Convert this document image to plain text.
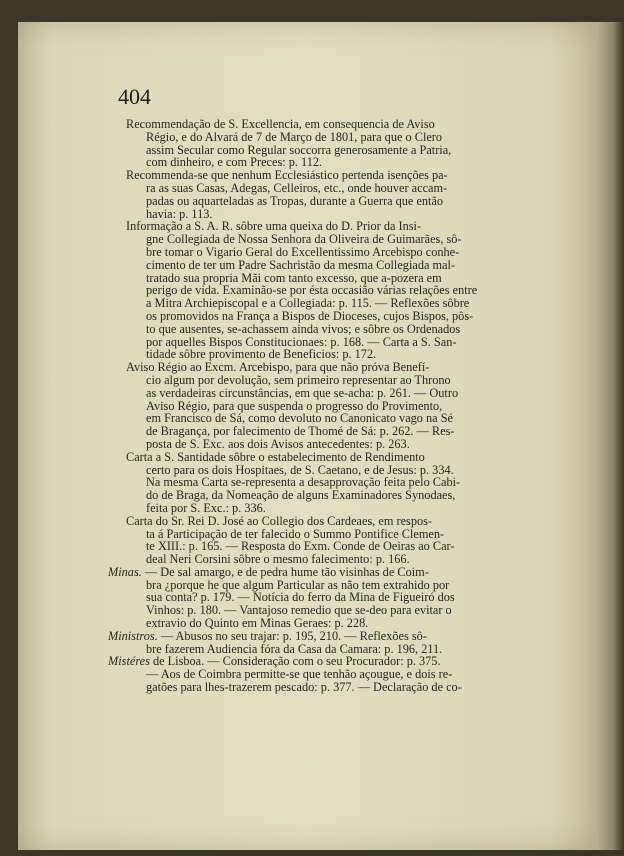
404
Recommendação de S. Excellencia, em consequencia de Aviso
Régio, e do Alvará de 7 de Março de 1801, para que o Clero
assim Secular como Regular soccorra generosamente a Patria,
com dinheiro, e com Preces: p. 112.
Recommenda-se que nenhum Ecclesiástico pertenda isenções pa-
ra as suas Casas, Adegas, Celleiros, etc., onde houver accam-
padas ou aquarteladas as Tropas, durante a Guerra que então
havia: p. 113.
Informação a S. A. R. sôbre uma queixa do D. Prior da Insi-
gne Collegiada de Nossa Senhora da Oliveira de Guimarães, sô-
bre tomar o Vigario Geral do Excellentissimo Arcebispo conhe-
cimento de ter um Padre Sachristão da mesma Collegiada mal-
tratado sua propria Mãi com tanto excesso, que a-pozera em
perigo de vida. Examinão-se por ésta occasião várias relações entre
a Mitra Archiepiscopal e a Collegiada: p. 115. — Reflexões sôbre
os promovidos na França a Bispos de Dioceses, cujos Bispos, pôs-
to que ausentes, se-achassem ainda vivos; e sôbre os Ordenados
por aquelles Bispos Constitucionaes: p. 168. — Carta a S. San-
tidade sôbre provimento de Beneficios: p. 172.
Aviso Régio ao Excm. Arcebispo, para que não próva Benefí-
cio algum por devolução, sem primeiro representar ao Throno
as verdadeiras circunstâncias, em que se-acha: p. 261. — Outro
Aviso Régio, para que suspenda o progresso do Provimento,
em Francisco de Sá, como devoluto no Canonicato vago na Sé
de Bragança, por falecimento de Thomé de Sá: p. 262. — Res-
posta de S. Exc. aos dois Avisos antecedentes: p. 263.
Carta a S. Santidade sôbre o estabelecimento de Rendimento
certo para os dois Hospitaes, de S. Caetano, e de Jesus: p. 334.
Na mesma Carta se-representa a desapprovação feita pelo Cabi-
do de Braga, da Nomeação de alguns Examinadores Synodaes,
feita por S. Exc.: p. 336.
Carta do Sr. Rei D. José ao Collegio dos Cardeaes, em respos-
ta á Participação de ter falecido o Summo Pontifice Clemen-
te XIII.: p. 165. — Resposta do Exm. Conde de Oeiras ao Car-
deal Neri Corsini sôbre o mesmo falecimento: p. 166.
Minas. — De sal amargo, e de pedra hume tão visinhas de Coim-
bra ¿porque he que algum Particular as não tem extrahido por
sua conta? p. 179. — Notícia do ferro da Mina de Figueiró dos
Vinhos: p. 180. — Vantajoso remedio que se-deo para evitar o
extravio do Quinto em Minas Geraes: p. 228.
Ministros. — Abusos no seu trajar: p. 195, 210. — Reflexões sô-
bre fazerem Audiencia fóra da Casa da Camara: p. 196, 211.
Mistéres de Lisboa. — Consideração com o seu Procurador: p. 375.
— Aos de Coimbra permitte-se que tenhão açougue, e dois re-
gatões para lhes-trazerem pescado: p. 377. — Declaração de co-
